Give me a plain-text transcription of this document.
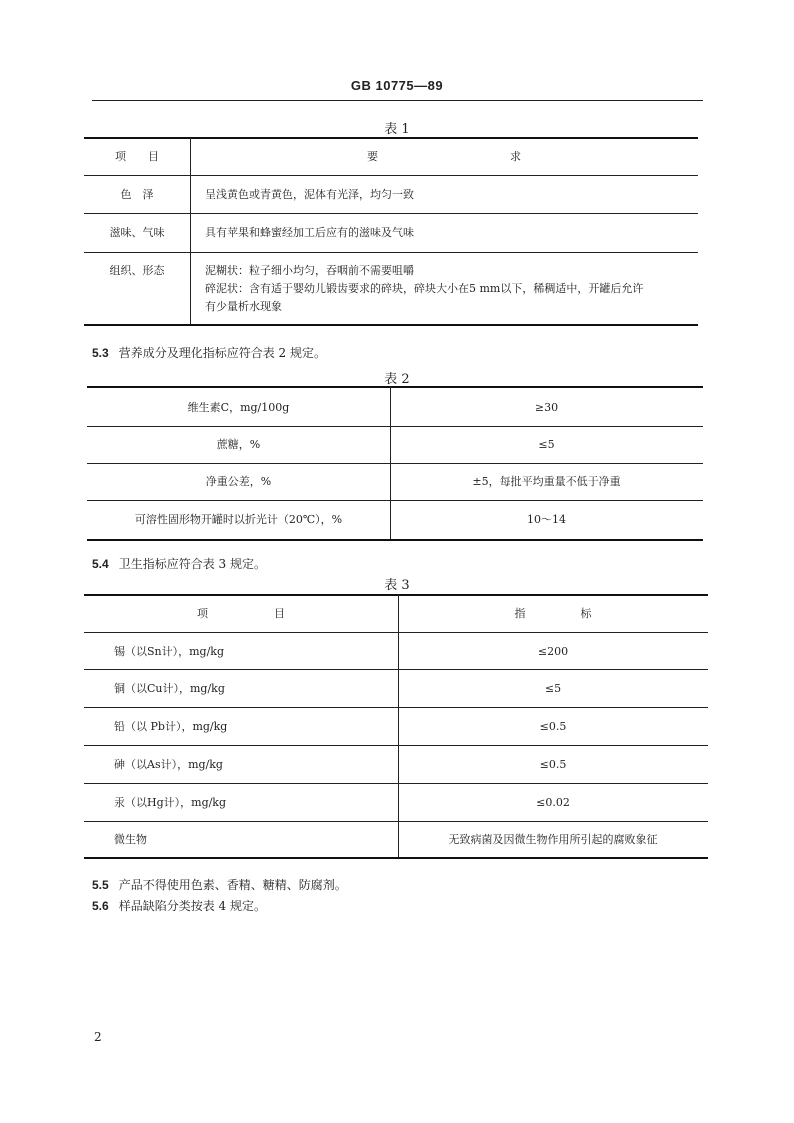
GB 10775—89
表 1
项　　目	要　　　　　　　　　　　　求
色　泽	呈浅黄色或青黄色，泥体有光泽，均匀一致
滋味、气味	具有苹果和蜂蜜经加工后应有的滋味及气味
组织、形态	泥糊状：粒子细小均匀，吞咽前不需要咀嚼
碎泥状：含有适于婴幼儿锻齿要求的碎块，碎块大小在5 mm以下，稀稠适中，开罐后允许
有少量析水现象
5.3 营养成分及理化指标应符合表 2 规定。
表 2
维生素C，mg/100g	≥30
蔗糖，%	≤5
净重公差，%	±5，每批平均重量不低于净重
可溶性固形物开罐时以折光计（20℃），%	10～14
5.4 卫生指标应符合表 3 规定。
表 3
项　　　　　　目	指　　　　　标
锡（以Sn计），mg/kg	≤200
铜（以Cu计），mg/kg	≤5
铅（以 Pb计），mg/kg	≤0.5
砷（以As计），mg/kg	≤0.5
汞（以Hg计），mg/kg	≤0.02
微生物	无致病菌及因微生物作用所引起的腐败象征
5.5 产品不得使用色素、香精、糖精、防腐剂。
5.6 样品缺陷分类按表 4 规定。
2
